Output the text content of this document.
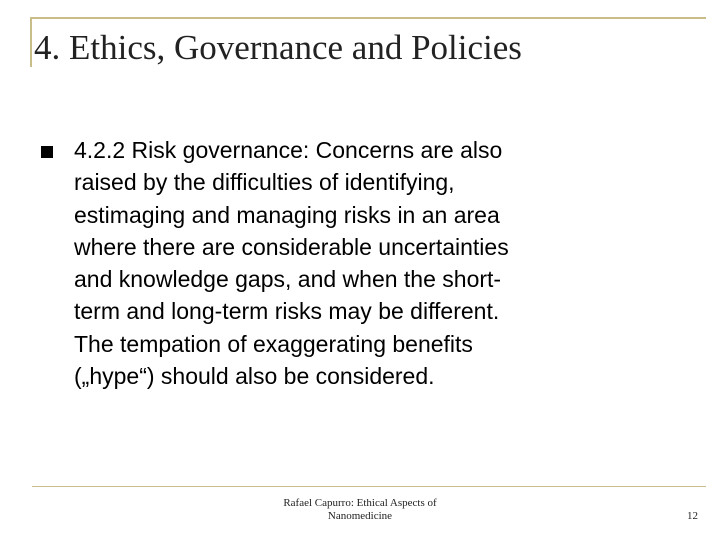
4. Ethics, Governance and Policies
4.2.2 Risk governance: Concerns are also
raised by the difficulties of identifying,
estimaging and managing risks in an area
where there are considerable uncertainties
and knowledge gaps, and when the short-
term and long-term risks may be different.
The tempation of exaggerating benefits
(„hype“) should also be considered.
Rafael Capurro: Ethical Aspects of
Nanomedicine	12
